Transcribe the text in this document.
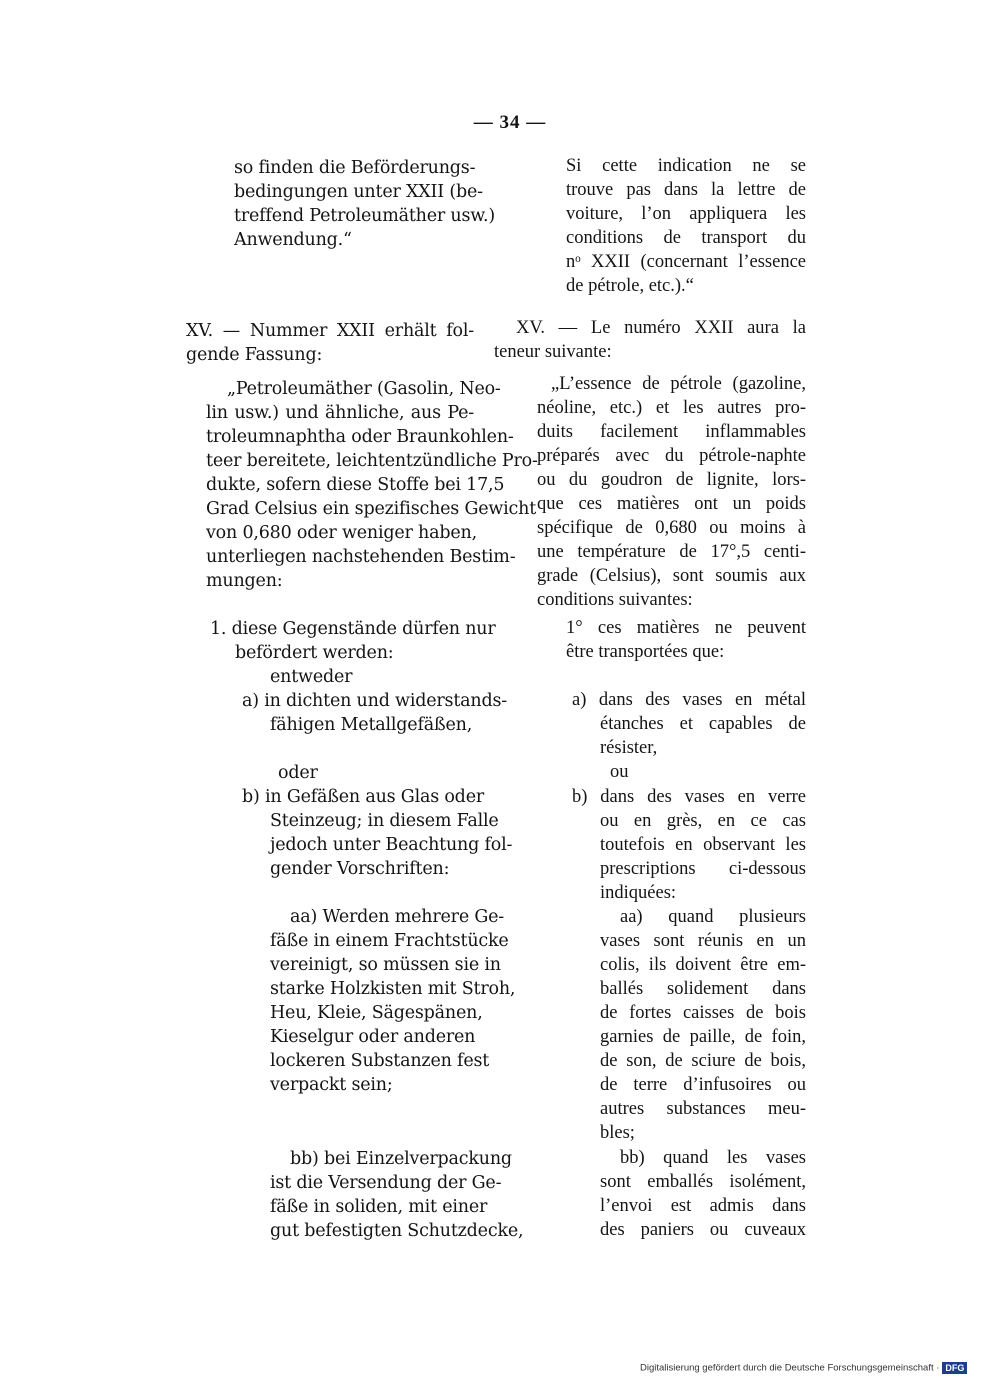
— 34 —
so finden die Beförderungs-
bedingungen unter XXII (be-
treffend Petroleumäther usw.)
Anwendung.“
XV. — Nummer XXII erhält fol-
gende Fassung:
„Petroleumäther (Gasolin, Neo-
lin usw.) und ähnliche, aus Pe-
troleumnaphtha oder Braunkohlen-
teer bereitete, leichtentzündliche Pro-
dukte, sofern diese Stoffe bei 17,5
Grad Celsius ein spezifisches Gewicht
von 0,680 oder weniger haben,
unterliegen nachstehenden Bestim-
mungen:
1. diese Gegenstände dürfen nur
befördert werden:
entweder
a) in dichten und widerstands-
fähigen Metallgefäßen,
oder
b) in Gefäßen aus Glas oder
Steinzeug; in diesem Falle
jedoch unter Beachtung fol-
gender Vorschriften:
aa) Werden mehrere Ge-
fäße in einem Frachtstücke
vereinigt, so müssen sie in
starke Holzkisten mit Stroh,
Heu, Kleie, Sägespänen,
Kieselgur oder anderen
lockeren Substanzen fest
verpackt sein;
bb) bei Einzelverpackung
ist die Versendung der Ge-
fäße in soliden, mit einer
gut befestigten Schutzdecke,
Si cette indication ne se
trouve pas dans la lettre de
voiture, l’on appliquera les
conditions de transport du
nᵒ XXII (concernant l’essence
de pétrole, etc.).“
XV. — Le numéro XXII aura la
teneur suivante:
„L’essence de pétrole (gazoline,
néoline, etc.) et les autres pro-
duits facilement inflammables
préparés avec du pétrole-naphte
ou du goudron de lignite, lors-
que ces matières ont un poids
spécifique de 0,680 ou moins à
une température de 17°,5 centi-
grade (Celsius), sont soumis aux
conditions suivantes:
1° ces matières ne peuvent
être transportées que:
a) dans des vases en métal
étanches et capables de
résister,
ou
b) dans des vases en verre
ou en grès, en ce cas
toutefois en observant les
prescriptions ci-dessous
indiquées:
aa) quand plusieurs
vases sont réunis en un
colis, ils doivent être em-
ballés solidement dans
de fortes caisses de bois
garnies de paille, de foin,
de son, de sciure de bois,
de terre d’infusoires ou
autres substances meu-
bles;
bb) quand les vases
sont emballés isolément,
l’envoi est admis dans
des paniers ou cuveaux
Digitalisierung gefördert durch die Deutsche Forschungsgemeinschaft · DFG
